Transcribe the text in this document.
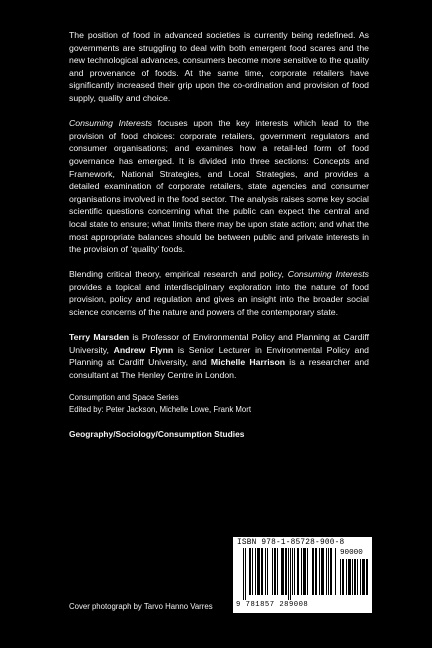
The position of food in advanced societies is currently being redefined. As governments are struggling to deal with both emergent food scares and the new technological advances, consumers become more sensitive to the quality and provenance of foods. At the same time, corporate retailers have significantly increased their grip upon the co-ordination and provision of food supply, quality and choice.

Consuming Interests focuses upon the key interests which lead to the provision of food choices: corporate retailers, government regulators and consumer organisations; and examines how a retail-led form of food governance has emerged. It is divided into three sections: Concepts and Framework, National Strategies, and Local Strategies, and provides a detailed examination of corporate retailers, state agencies and consumer organisations involved in the food sector. The analysis raises some key social scientific questions concerning what the public can expect the central and local state to ensure; what limits there may be upon state action; and what the most appropriate balances should be between public and private interests in the provision of ‘quality’ foods.

Blending critical theory, empirical research and policy, Consuming Interests provides a topical and interdisciplinary exploration into the nature of food provision, policy and regulation and gives an insight into the broader social science concerns of the nature and powers of the contemporary state.

Terry Marsden is Professor of Environmental Policy and Planning at Cardiff University, Andrew Flynn is Senior Lecturer in Environmental Policy and Planning at Cardiff University, and Michelle Harrison is a researcher and consultant at The Henley Centre in London.

Consumption and Space Series
Edited by: Peter Jackson, Michelle Lowe, Frank Mort

Geography/Sociology/Consumption Studies

ISBN 978-1-85728-900-8
90000
9 781857 289008
Cover photograph by Tarvo Hanno Varres
